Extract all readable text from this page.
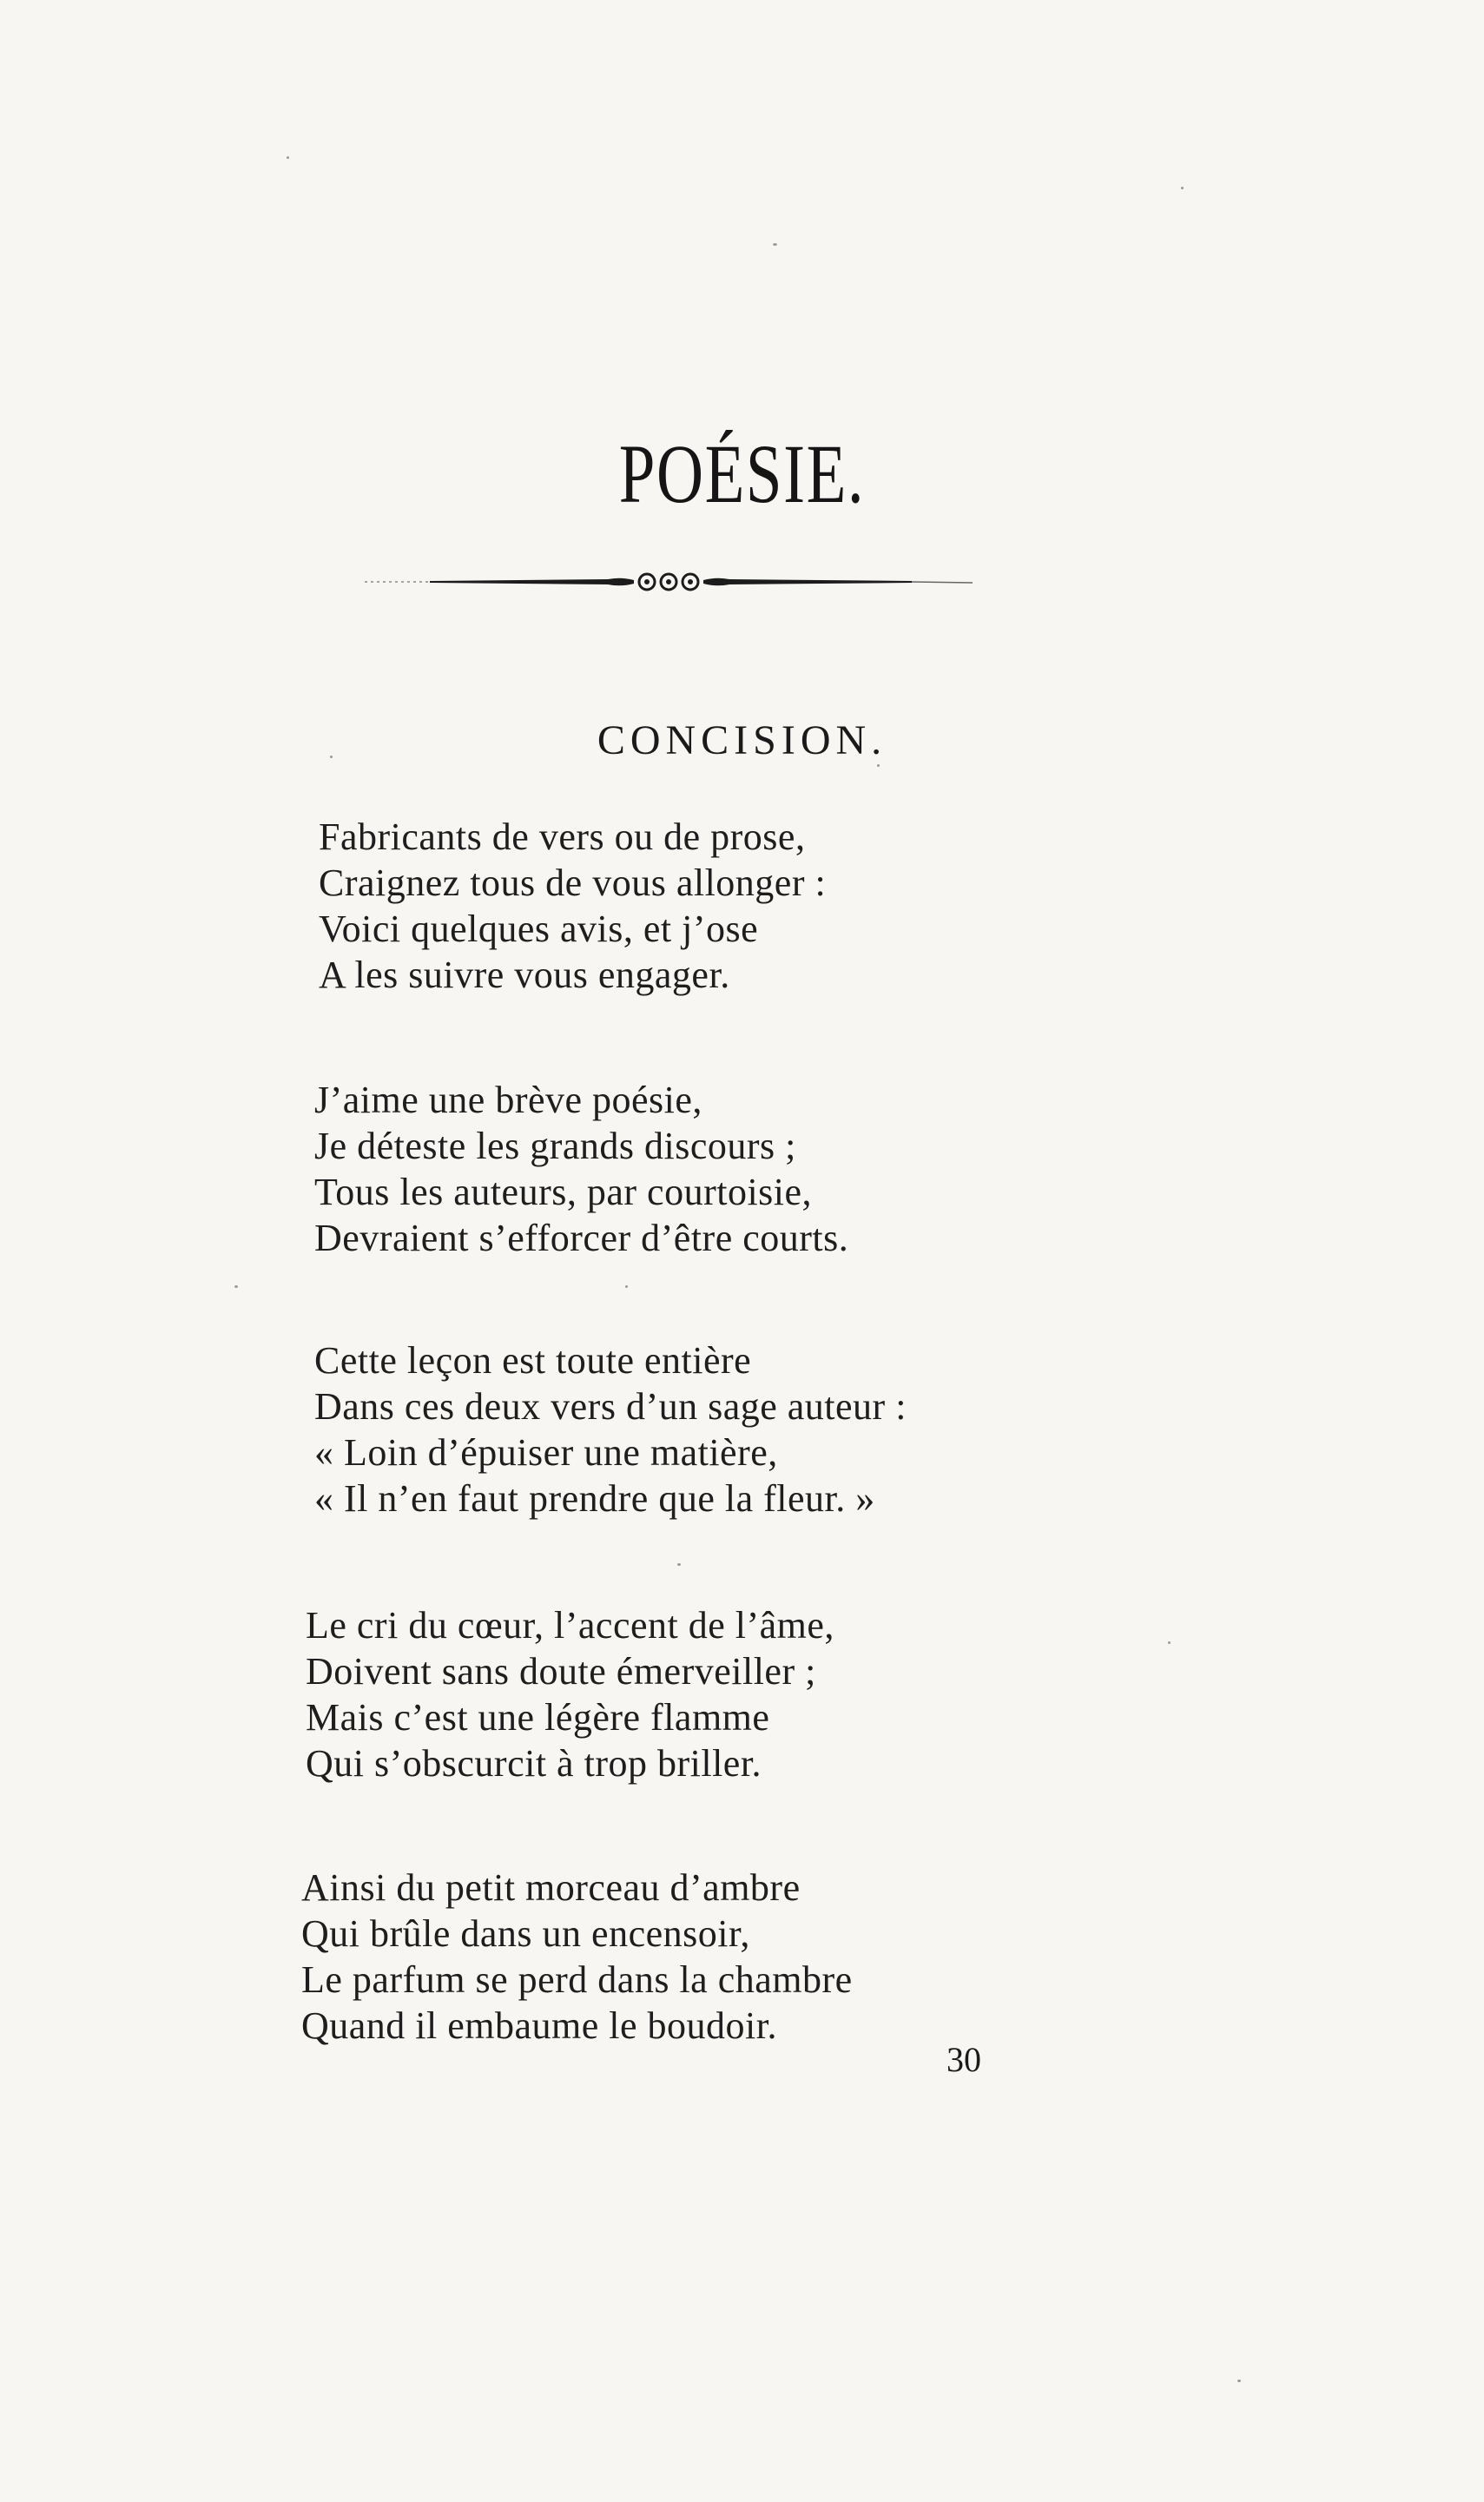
POÉSIE.
CONCISION.
Fabricants de vers ou de prose,
Craignez tous de vous allonger :
Voici quelques avis, et j’ose
A les suivre vous engager.
J’aime une brève poésie,
Je déteste les grands discours ;
Tous les auteurs, par courtoisie,
Devraient s’efforcer d’être courts.
Cette leçon est toute entière
Dans ces deux vers d’un sage auteur :
« Loin d’épuiser une matière,
« Il n’en faut prendre que la fleur. »
Le cri du cœur, l’accent de l’âme,
Doivent sans doute émerveiller ;
Mais c’est une légère flamme
Qui s’obscurcit à trop briller.
Ainsi du petit morceau d’ambre
Qui brûle dans un encensoir,
Le parfum se perd dans la chambre
Quand il embaume le boudoir.
30
